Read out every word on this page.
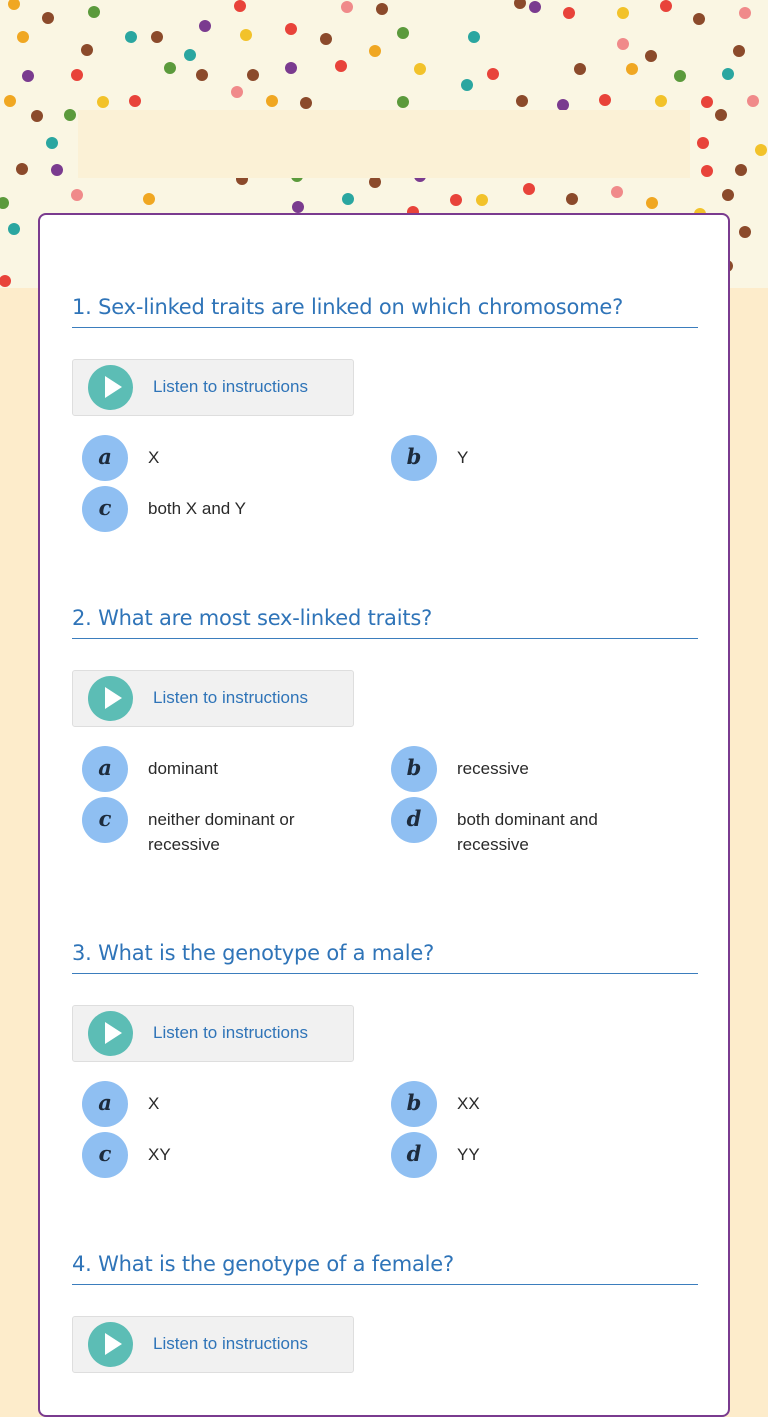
1. Sex-linked traits are linked on which chromosome?
Listen to instructions
a	X	b	Y
c	both X and Y
2. What are most sex-linked traits?
Listen to instructions
a	dominant	b	recessive
c	neither dominant or recessive
d	both dominant and recessive
3. What is the genotype of a male?
Listen to instructions
a	X	b	XX
c	XY	d	YY
4. What is the genotype of a female?
Listen to instructions
